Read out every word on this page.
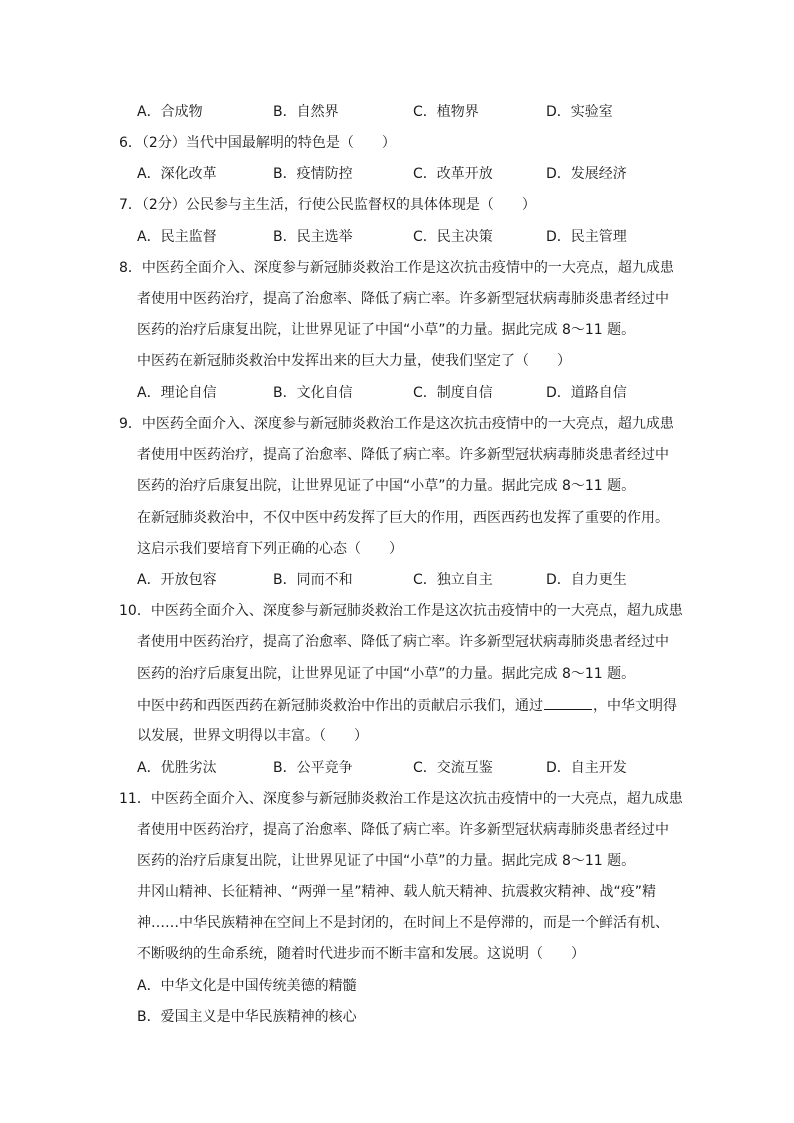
A．合成物	B．自然界	C．植物界	D．实验室
6．（2分）当代中国最解明的特色是（　　）
A．深化改革	B．疫情防控	C．改革开放	D．发展经济
7．（2分）公民参与主生活，行使公民监督权的具体体现是（　　）
A．民主监督	B．民主选举	C．民主决策	D．民主管理
8．中医药全面介入、深度参与新冠肺炎救治工作是这次抗击疫情中的一大亮点，超九成患
者使用中医药治疗，提高了治愈率、降低了病亡率。许多新型冠状病毒肺炎患者经过中
医药的治疗后康复出院，让世界见证了中国“小草”的力量。据此完成 8～11 题。
中医药在新冠肺炎救治中发挥出来的巨大力量，使我们坚定了（　　）
A．理论自信	B．文化自信	C．制度自信	D．道路自信
9．中医药全面介入、深度参与新冠肺炎救治工作是这次抗击疫情中的一大亮点，超九成患
者使用中医药治疗，提高了治愈率、降低了病亡率。许多新型冠状病毒肺炎患者经过中
医药的治疗后康复出院，让世界见证了中国“小草”的力量。据此完成 8～11 题。
在新冠肺炎救治中，不仅中医中药发挥了巨大的作用，西医西药也发挥了重要的作用。
这启示我们要培育下列正确的心态（　　）
A．开放包容	B．同而不和	C．独立自主	D．自力更生
10．中医药全面介入、深度参与新冠肺炎救治工作是这次抗击疫情中的一大亮点，超九成患
者使用中医药治疗，提高了治愈率、降低了病亡率。许多新型冠状病毒肺炎患者经过中
医药的治疗后康复出院，让世界见证了中国“小草”的力量。据此完成 8～11 题。
中医中药和西医西药在新冠肺炎救治中作出的贡献启示我们，通过	，中华文明得
以发展，世界文明得以丰富。（　　）
A．优胜劣汰	B．公平竞争	C．交流互鉴	D．自主开发
11．中医药全面介入、深度参与新冠肺炎救治工作是这次抗击疫情中的一大亮点，超九成患
者使用中医药治疗，提高了治愈率、降低了病亡率。许多新型冠状病毒肺炎患者经过中
医药的治疗后康复出院，让世界见证了中国“小草”的力量。据此完成 8～11 题。
井冈山精神、长征精神、“两弹一星”精神、载人航天精神、抗震救灾精神、战“疫”精
神……中华民族精神在空间上不是封闭的，在时间上不是停滞的，而是一个鲜活有机、
不断吸纳的生命系统，随着时代进步而不断丰富和发展。这说明（　　）
A．中华文化是中国传统美德的精髓
B．爱国主义是中华民族精神的核心
